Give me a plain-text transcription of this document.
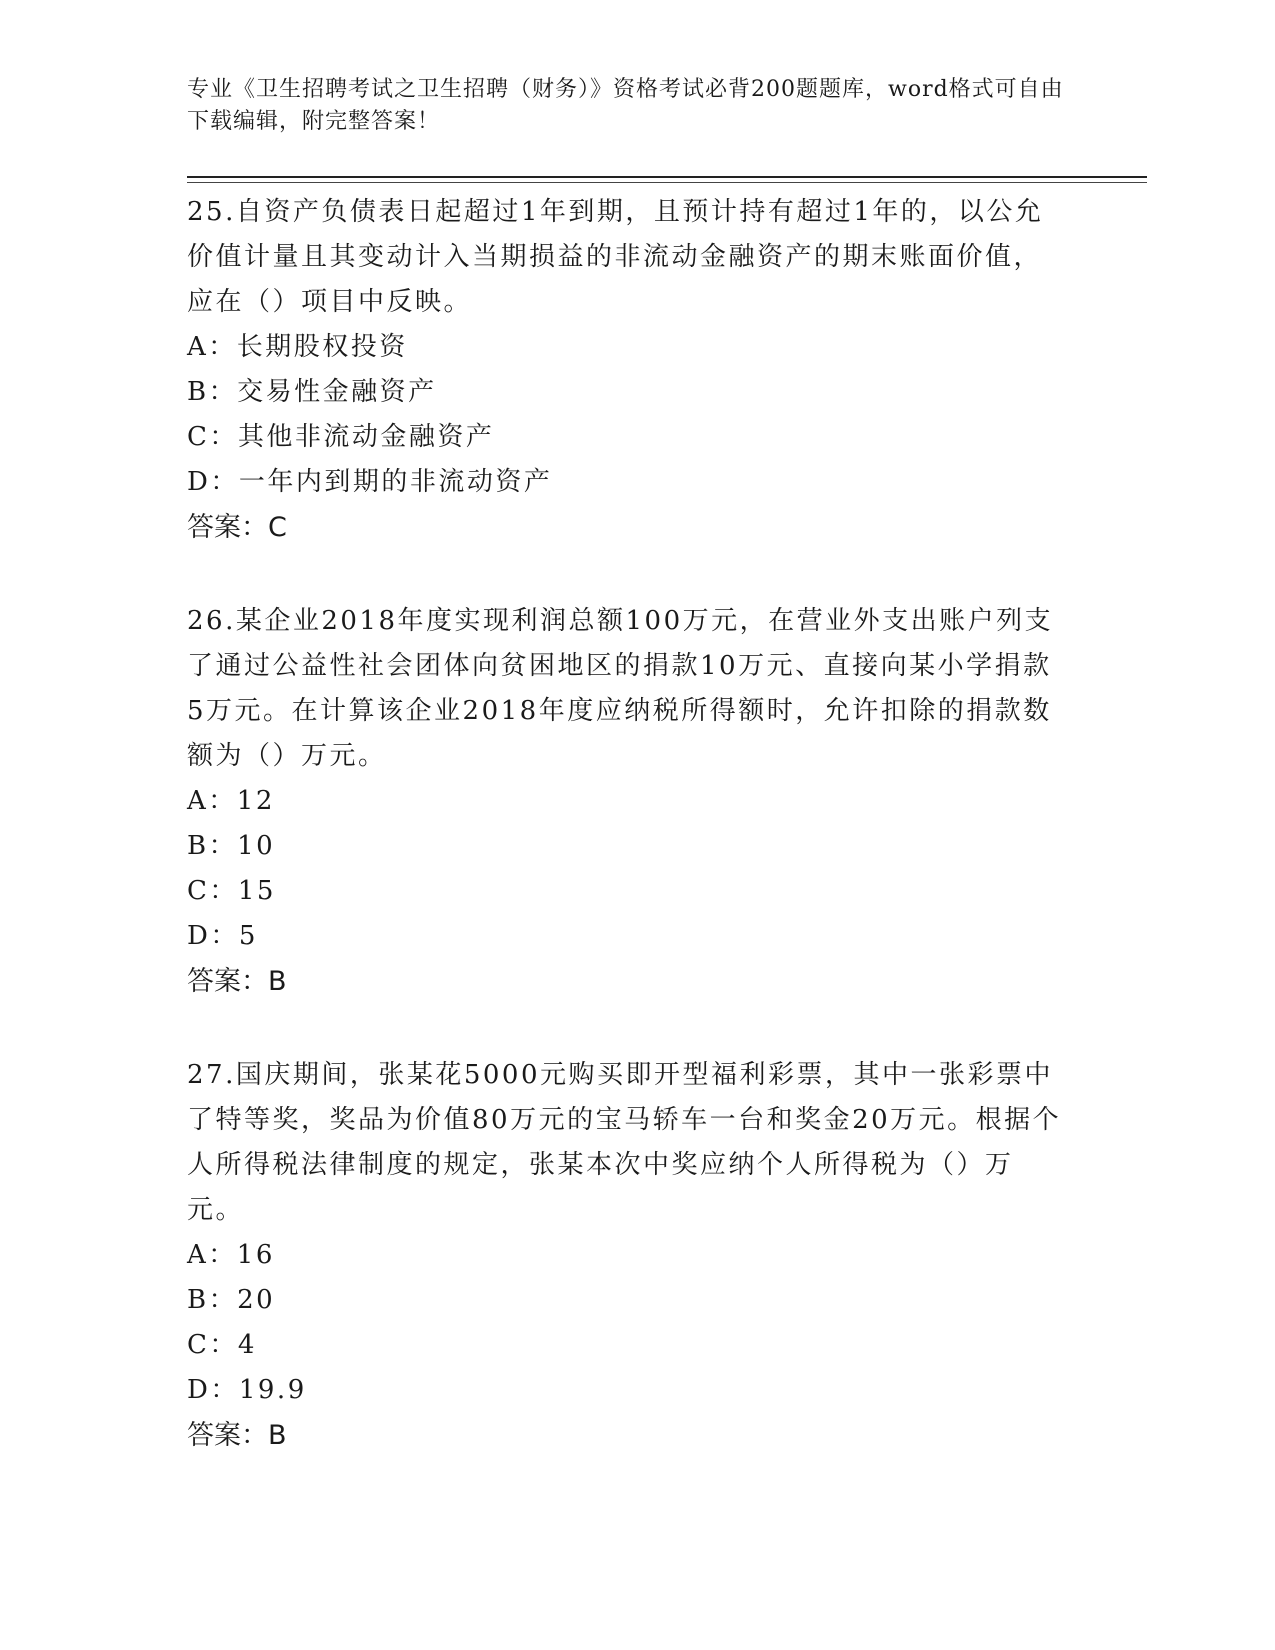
专业《卫生招聘考试之卫生招聘（财务）》资格考试必背200题题库，word格式可自由下载编辑，附完整答案！

25.自资产负债表日起超过1年到期，且预计持有超过1年的，以公允价值计量且其变动计入当期损益的非流动金融资产的期末账面价值，应在（）项目中反映。

A：长期股权投资

B：交易性金融资产

C：其他非流动金融资产

D：一年内到期的非流动资产

答案：C

26.某企业2018年度实现利润总额100万元，在营业外支出账户列支了通过公益性社会团体向贫困地区的捐款10万元、直接向某小学捐款5万元。在计算该企业2018年度应纳税所得额时，允许扣除的捐款数额为（）万元。

A：12

B：10

C：15

D：5

答案：B

27.国庆期间，张某花5000元购买即开型福利彩票，其中一张彩票中了特等奖，奖品为价值80万元的宝马轿车一台和奖金20万元。根据个人所得税法律制度的规定，张某本次中奖应纳个人所得税为（）万元。

A：16

B：20

C：4

D：19.9

答案：B
